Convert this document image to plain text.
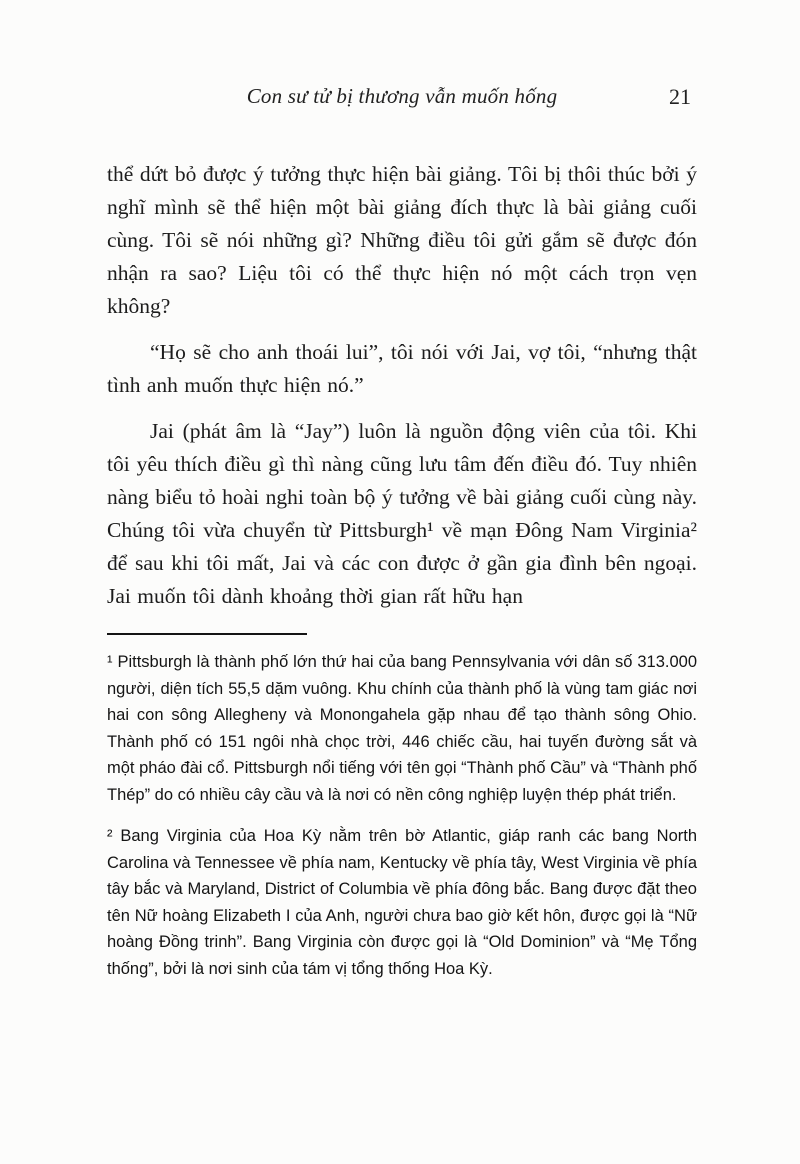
Con sư tử bị thương vẫn muốn hống	21

thể dứt bỏ được ý tưởng thực hiện bài giảng. Tôi bị thôi thúc bởi ý nghĩ mình sẽ thể hiện một bài giảng đích thực là bài giảng cuối cùng. Tôi sẽ nói những gì? Những điều tôi gửi gắm sẽ được đón nhận ra sao? Liệu tôi có thể thực hiện nó một cách trọn vẹn không?

“Họ sẽ cho anh thoái lui”, tôi nói với Jai, vợ tôi, “nhưng thật tình anh muốn thực hiện nó.”

Jai (phát âm là “Jay”) luôn là nguồn động viên của tôi. Khi tôi yêu thích điều gì thì nàng cũng lưu tâm đến điều đó. Tuy nhiên nàng biểu tỏ hoài nghi toàn bộ ý tưởng về bài giảng cuối cùng này. Chúng tôi vừa chuyển từ Pittsburgh¹ về mạn Đông Nam Virginia² để sau khi tôi mất, Jai và các con được ở gần gia đình bên ngoại. Jai muốn tôi dành khoảng thời gian rất hữu hạn

¹ Pittsburgh là thành phố lớn thứ hai của bang Pennsylvania với dân số 313.000 người, diện tích 55,5 dặm vuông. Khu chính của thành phố là vùng tam giác nơi hai con sông Allegheny và Monongahela gặp nhau để tạo thành sông Ohio. Thành phố có 151 ngôi nhà chọc trời, 446 chiếc cầu, hai tuyến đường sắt và một pháo đài cổ. Pittsburgh nổi tiếng với tên gọi “Thành phố Cầu” và “Thành phố Thép” do có nhiều cây cầu và là nơi có nền công nghiệp luyện thép phát triển.

² Bang Virginia của Hoa Kỳ nằm trên bờ Atlantic, giáp ranh các bang North Carolina và Tennessee về phía nam, Kentucky về phía tây, West Virginia về phía tây bắc và Maryland, District of Columbia về phía đông bắc. Bang được đặt theo tên Nữ hoàng Elizabeth I của Anh, người chưa bao giờ kết hôn, được gọi là “Nữ hoàng Đồng trinh”. Bang Virginia còn được gọi là “Old Dominion” và “Mẹ Tổng thống”, bởi là nơi sinh của tám vị tổng thống Hoa Kỳ.
